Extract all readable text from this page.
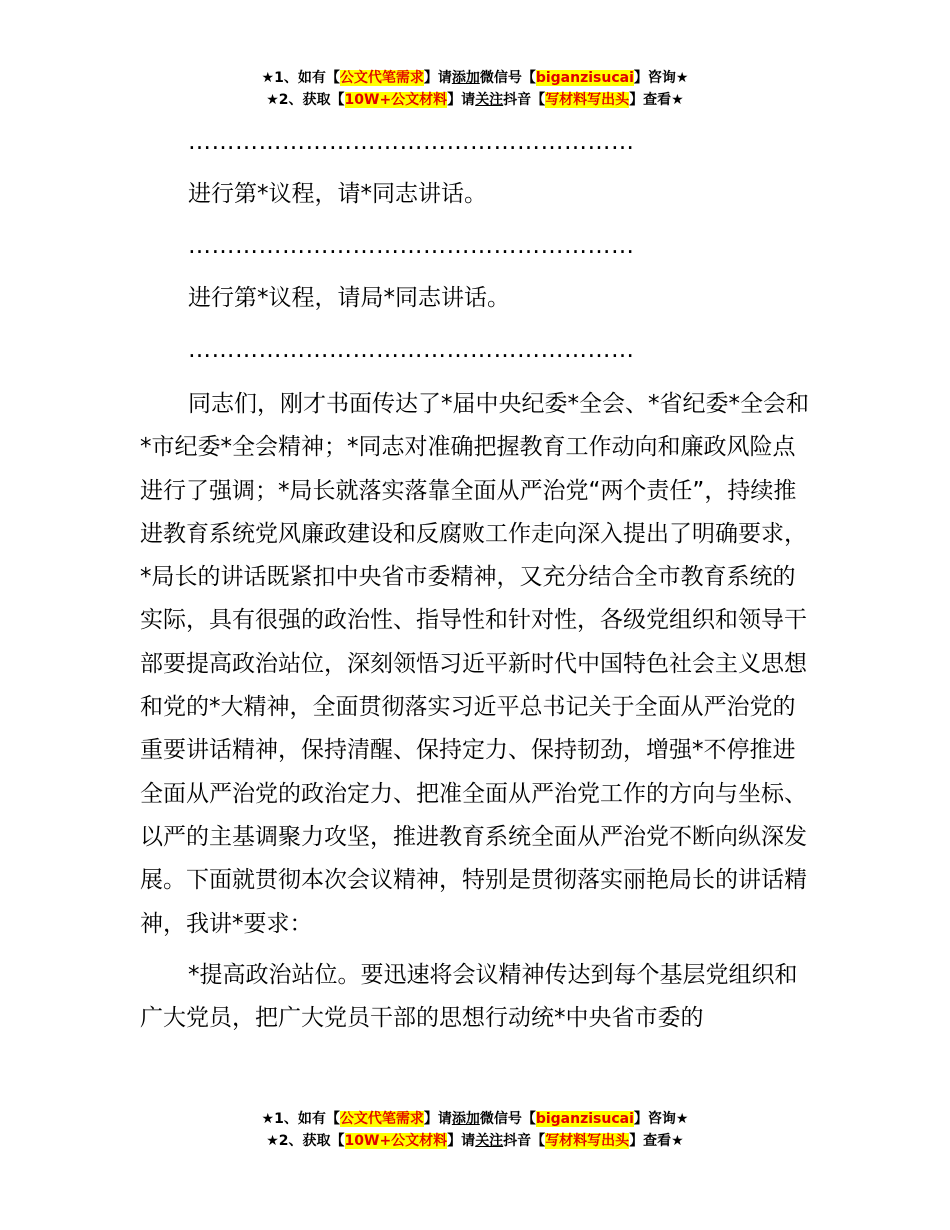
★1、如有【公文代笔需求】请添加微信号【biganzisucai】咨询★
★2、获取【10W+公文材料】请关注抖音【写材料写出头】查看★
…………………………………………………
进行第*议程，请*同志讲话。
…………………………………………………
进行第*议程，请局*同志讲话。
…………………………………………………

同志们，刚才书面传达了*届中央纪委*全会、*省纪委*全会和*市纪委*全会精神；*同志对准确把握教育工作动向和廉政风险点进行了强调；*局长就落实落靠全面从严治党“两个责任”，持续推进教育系统党风廉政建设和反腐败工作走向深入提出了明确要求，*局长的讲话既紧扣中央省市委精神，又充分结合全市教育系统的实际，具有很强的政治性、指导性和针对性，各级党组织和领导干部要提高政治站位，深刻领悟习近平新时代中国特色社会主义思想和党的*大精神，全面贯彻落实习近平总书记关于全面从严治党的重要讲话精神，保持清醒、保持定力、保持韧劲，增强*不停推进全面从严治党的政治定力、把准全面从严治党工作的方向与坐标、以严的主基调聚力攻坚，推进教育系统全面从严治党不断向纵深发展。下面就贯彻本次会议精神，特别是贯彻落实丽艳局长的讲话精神，我讲*要求：

*提高政治站位。要迅速将会议精神传达到每个基层党组织和广大党员，把广大党员干部的思想行动统*中央省市委的

★1、如有【公文代笔需求】请添加微信号【biganzisucai】咨询★
★2、获取【10W+公文材料】请关注抖音【写材料写出头】查看★
